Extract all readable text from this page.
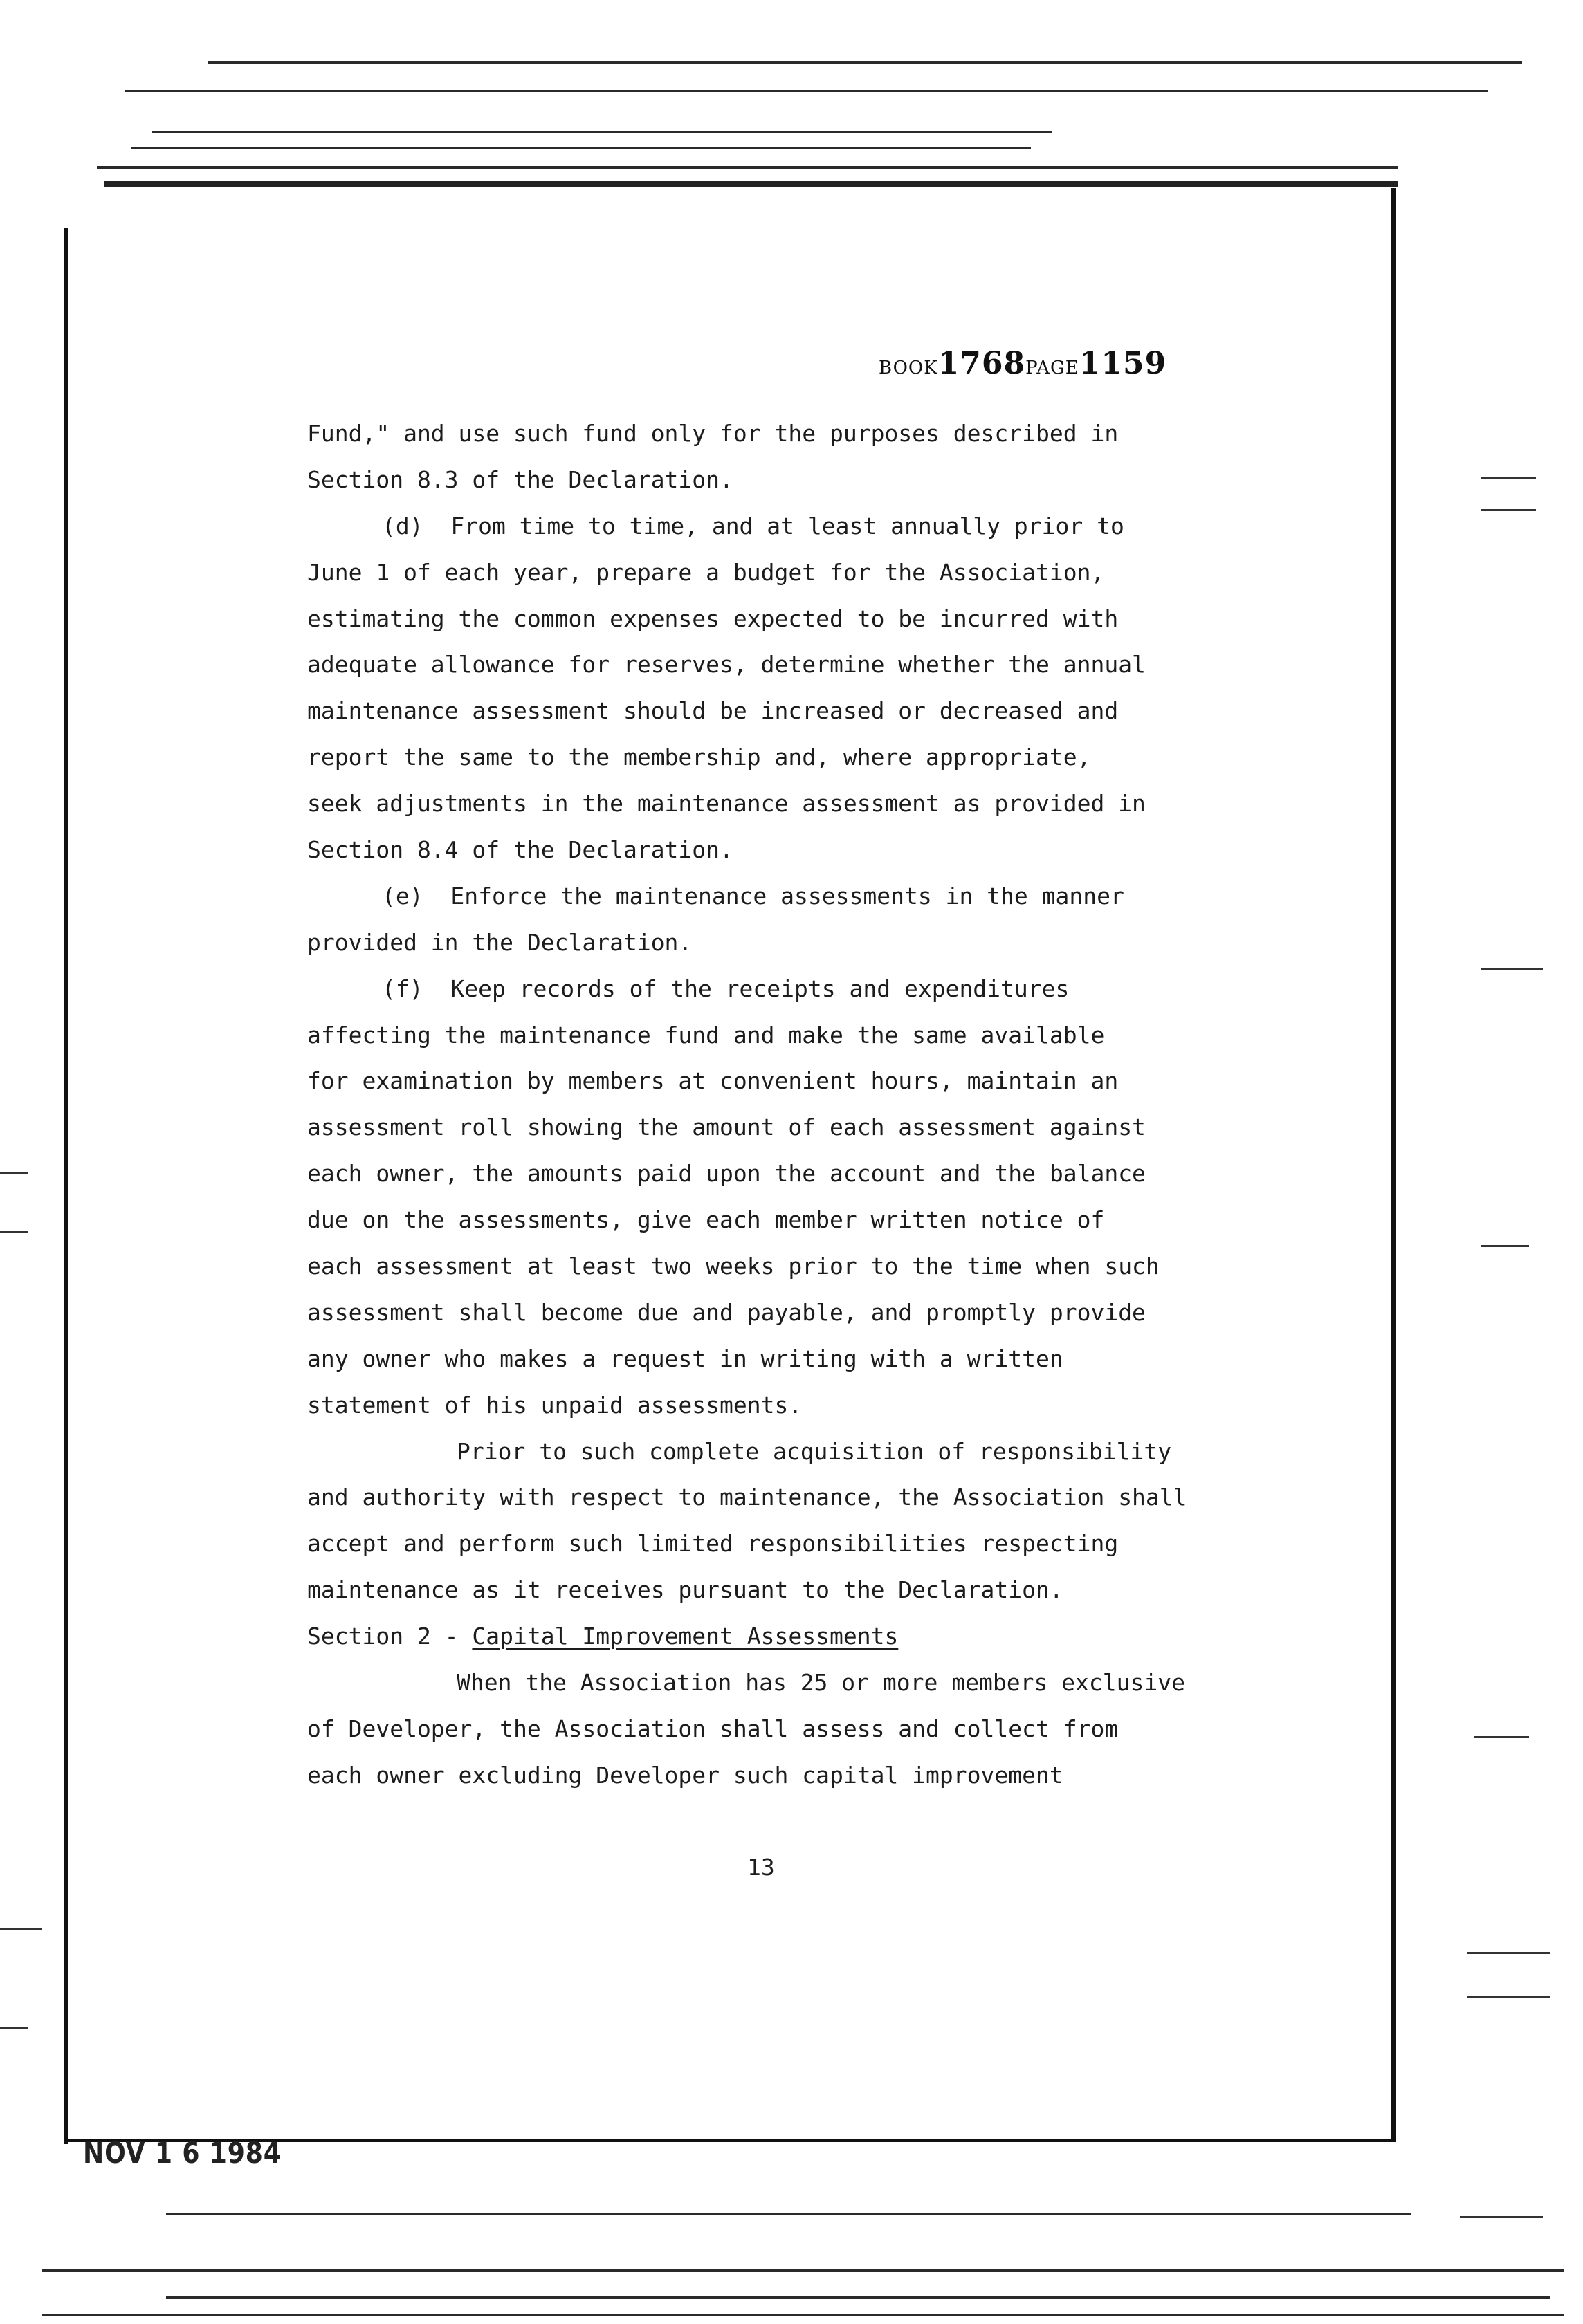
BOOK1768PAGE1159
Fund," and use such fund only for the purposes described in
Section 8.3 of the Declaration.
(d)  From time to time, and at least annually prior to
June 1 of each year, prepare a budget for the Association,
estimating the common expenses expected to be incurred with
adequate allowance for reserves, determine whether the annual
maintenance assessment should be increased or decreased and
report the same to the membership and, where appropriate,
seek adjustments in the maintenance assessment as provided in
Section 8.4 of the Declaration.
(e)  Enforce the maintenance assessments in the manner
provided in the Declaration.
(f)  Keep records of the receipts and expenditures
affecting the maintenance fund and make the same available
for examination by members at convenient hours, maintain an
assessment roll showing the amount of each assessment against
each owner, the amounts paid upon the account and the balance
due on the assessments, give each member written notice of
each assessment at least two weeks prior to the time when such
assessment shall become due and payable, and promptly provide
any owner who makes a request in writing with a written
statement of his unpaid assessments.
Prior to such complete acquisition of responsibility
and authority with respect to maintenance, the Association shall
accept and perform such limited responsibilities respecting
maintenance as it receives pursuant to the Declaration.
Section 2 - Capital Improvement Assessments
When the Association has 25 or more members exclusive
of Developer, the Association shall assess and collect from
each owner excluding Developer such capital improvement
13
NOV 1 6 1984
